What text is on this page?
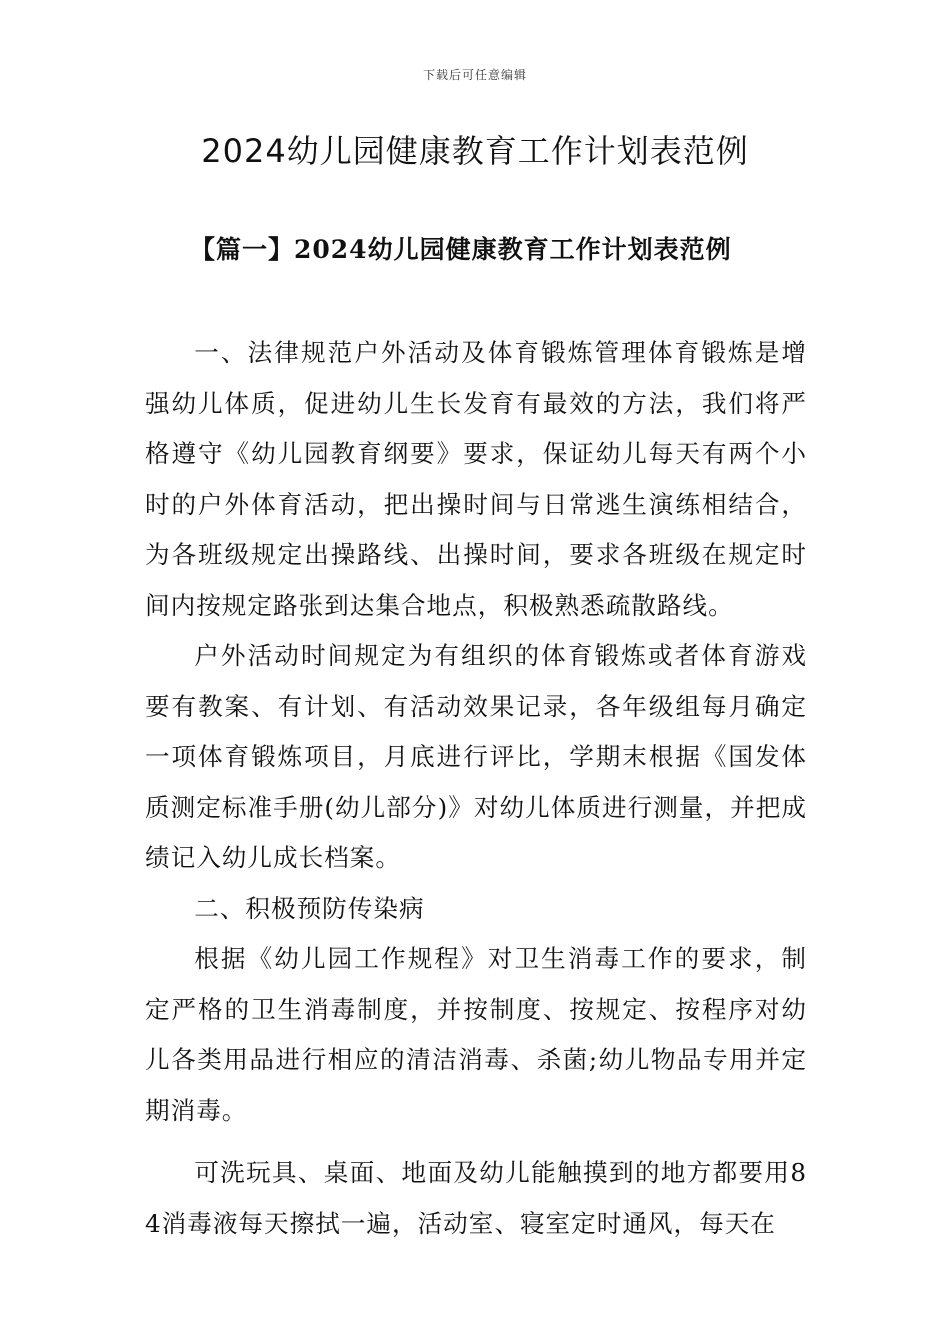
下载后可任意编辑
2024幼儿园健康教育工作计划表范例
【篇一】2024幼儿园健康教育工作计划表范例

一、法律规范户外活动及体育锻炼管理体育锻炼是增强幼儿体质，促进幼儿生长发育有最效的方法，我们将严格遵守《幼儿园教育纲要》要求，保证幼儿每天有两个小时的户外体育活动，把出操时间与日常逃生演练相结合，为各班级规定出操路线、出操时间，要求各班级在规定时间内按规定路张到达集合地点，积极熟悉疏散路线。

户外活动时间规定为有组织的体育锻炼或者体育游戏要有教案、有计划、有活动效果记录，各年级组每月确定一项体育锻炼项目，月底进行评比，学期末根据《国发体质测定标准手册(幼儿部分)》对幼儿体质进行测量，并把成绩记入幼儿成长档案。

二、积极预防传染病

根据《幼儿园工作规程》对卫生消毒工作的要求，制定严格的卫生消毒制度，并按制度、按规定、按程序对幼儿各类用品进行相应的清洁消毒、杀菌;幼儿物品专用并定期消毒。

可洗玩具、桌面、地面及幼儿能触摸到的地方都要用84消毒液每天擦拭一遍，活动室、寝室定时通风，每天在
